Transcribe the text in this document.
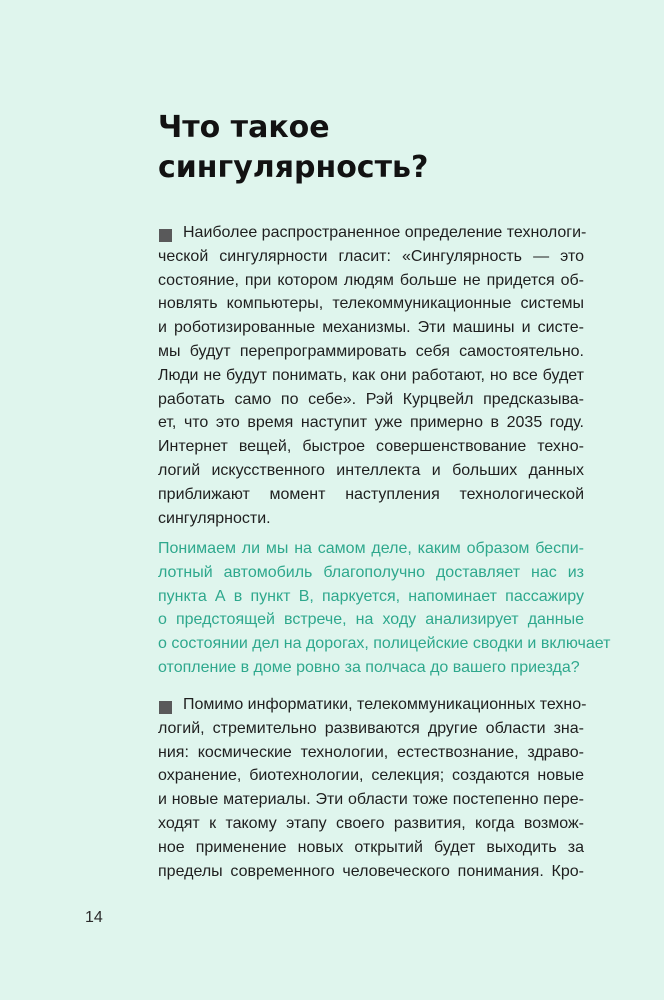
Что такое
сингулярность?
Наиболее распространенное определение технологи-
ческой сингулярности гласит: «Сингулярность — это
состояние, при котором людям больше не придется об-
новлять компьютеры, телекоммуникационные системы
и роботизированные механизмы. Эти машины и систе-
мы будут перепрограммировать себя самостоятельно.
Люди не будут понимать, как они работают, но все будет
работать само по себе». Рэй Курцвейл предсказыва-
ет, что это время наступит уже примерно в 2035 году.
Интернет вещей, быстрое совершенствование техно-
логий искусственного интеллекта и больших данных
приближают момент наступления технологической
сингулярности.
Понимаем ли мы на самом деле, каким образом беспи-
лотный автомобиль благополучно доставляет нас из
пункта А в пункт В, паркуется, напоминает пассажиру
о предстоящей встрече, на ходу анализирует данные
о состоянии дел на дорогах, полицейские сводки и включает
отопление в доме ровно за полчаса до вашего приезда?
Помимо информатики, телекоммуникационных техно-
логий, стремительно развиваются другие области зна-
ния: космические технологии, естествознание, здраво-
охранение, биотехнологии, селекция; создаются новые
и новые материалы. Эти области тоже постепенно пере-
ходят к такому этапу своего развития, когда возмож-
ное применение новых открытий будет выходить за
пределы современного человеческого понимания. Кро-
14
